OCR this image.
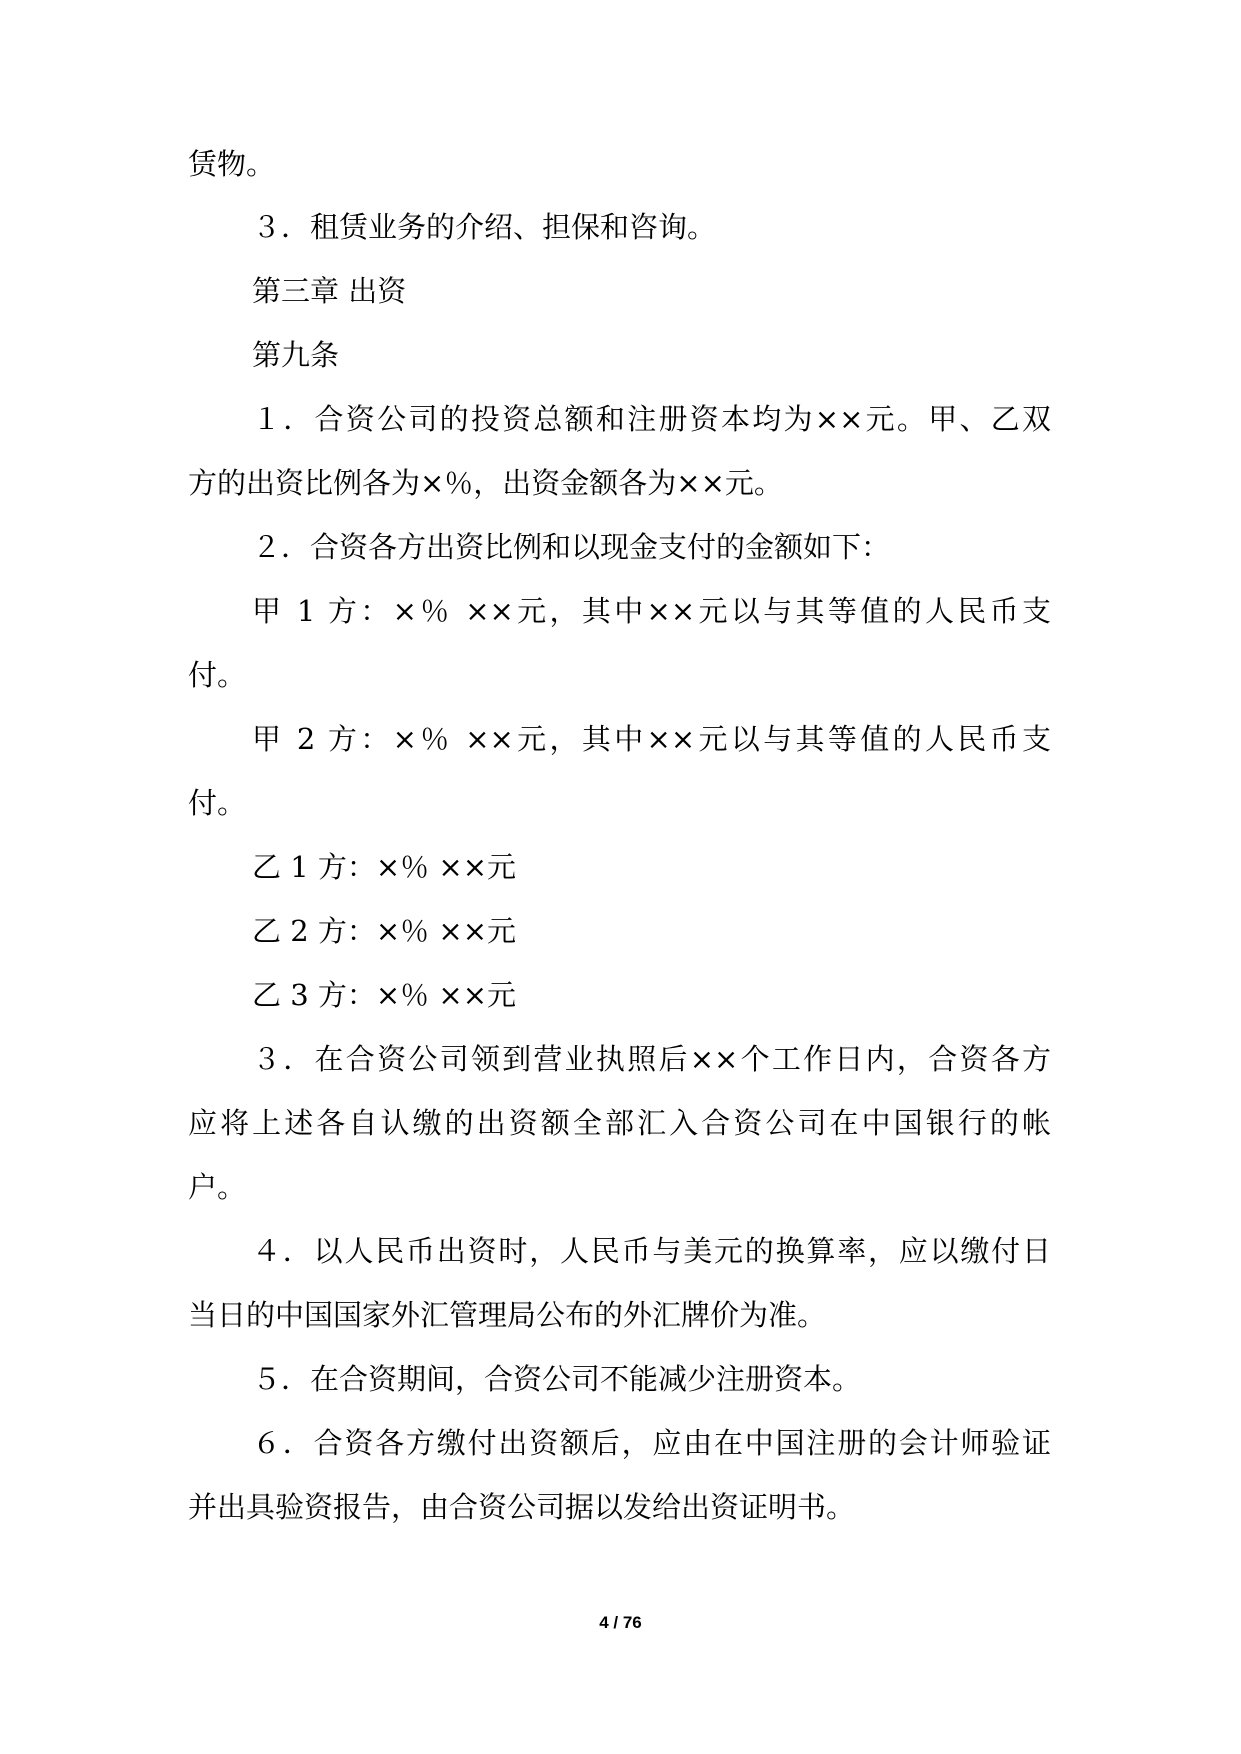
赁物。
３．租赁业务的介绍、担保和咨询。
第三章 出资
第九条
１．合资公司的投资总额和注册资本均为××元。甲、乙双
方的出资比例各为×％，出资金额各为××元。
２．合资各方出资比例和以现金支付的金额如下：
甲 1 方：×％ ××元，其中××元以与其等值的人民币支
付。
甲 2 方：×％ ××元，其中××元以与其等值的人民币支
付。
乙 1 方：×％ ××元
乙 2 方：×％ ××元
乙 3 方：×％ ××元
３．在合资公司领到营业执照后××个工作日内，合资各方
应将上述各自认缴的出资额全部汇入合资公司在中国银行的帐
户。
４．以人民币出资时，人民币与美元的换算率，应以缴付日
当日的中国国家外汇管理局公布的外汇牌价为准。
５．在合资期间，合资公司不能减少注册资本。
６．合资各方缴付出资额后，应由在中国注册的会计师验证
并出具验资报告，由合资公司据以发给出资证明书。
4 / 76
